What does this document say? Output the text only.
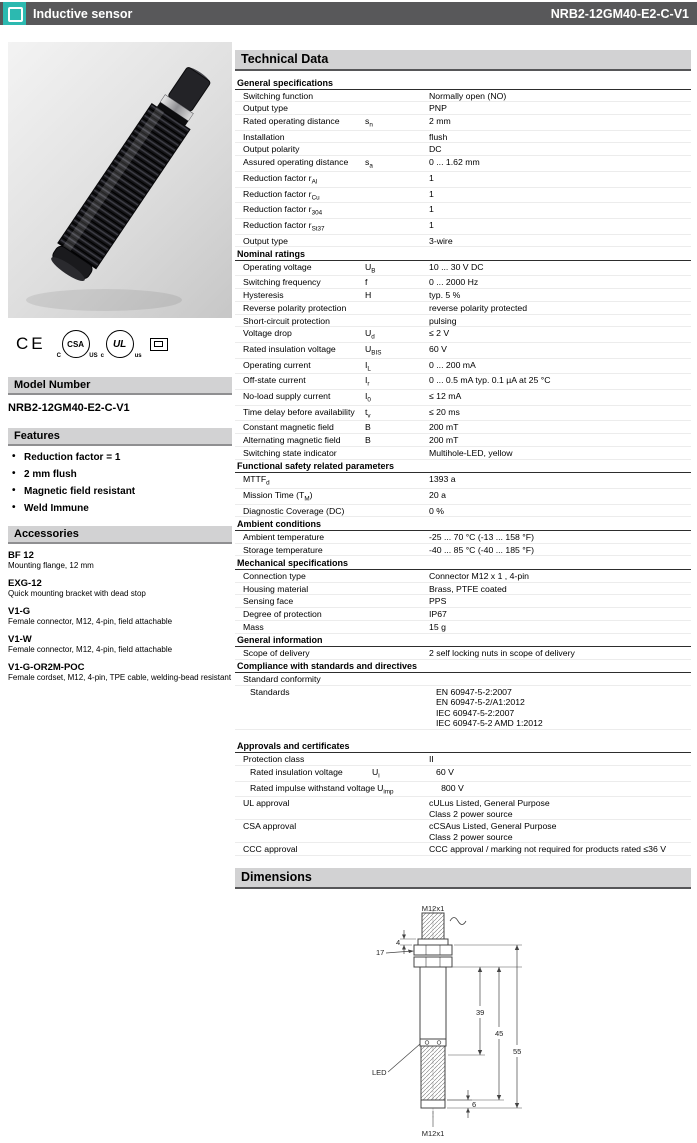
Inductive sensor	NRB2-12GM40-E2-C-V1
CE	CSA
C	US
UL
c	us
Model Number
NRB2-12GM40-E2-C-V1
Features
• Reduction factor = 1
• 2 mm flush
• Magnetic field resistant
• Weld Immune
Accessories
BF 12
Mounting flange, 12 mm
EXG-12
Quick mounting bracket with dead stop
V1-G
Female connector, M12, 4-pin, field attachable
V1-W
Female connector, M12, 4-pin, field attachable
V1-G-OR2M-POC
Female cordset, M12, 4-pin, TPE cable, welding-bead resistant
Technical Data
General specifications
Switching function	Normally open (NO)
Output type	PNP
Rated operating distance	$s_n$	2 mm
Installation	flush
Output polarity	DC
Assured operating distance	$s_a$	0 ... 1.62 mm
Reduction factor $r_{Al}$	1
Reduction factor $r_{Cu}$	1
Reduction factor $r_{304}$	1
Reduction factor $r_{St37}$	1
Output type	3-wire
Nominal ratings
Operating voltage	$U_B$	10 ... 30 V DC
Switching frequency	f	0 ... 2000 Hz
Hysteresis	H	typ. 5 %
Reverse polarity protection	reverse polarity protected
Short-circuit protection	pulsing
Voltage drop	$U_d$	≤ 2 V
Rated insulation voltage	$U_{BIS}$	60 V
Operating current	$I_L$	0 ... 200 mA
Off-state current	$I_r$	0 ... 0.5 mA typ. 0.1 µA at 25 °C
No-load supply current	$I_0$	≤ 12 mA
Time delay before availability	$t_v$	≤ 20 ms
Constant magnetic field	B	200 mT
Alternating magnetic field	B	200 mT
Switching state indicator	Multihole-LED, yellow
Functional safety related parameters
$MTTF_d$	1393 a
Mission Time $(T_M)$	20 a
Diagnostic Coverage (DC)	0 %
Ambient conditions
Ambient temperature	-25 ... 70 °C (-13 ... 158 °F)
Storage temperature	-40 ... 85 °C (-40 ... 185 °F)
Mechanical specifications
Connection type	Connector M12 x 1 , 4-pin
Housing material	Brass, PTFE coated
Sensing face	PPS
Degree of protection	IP67
Mass	15 g
General information
Scope of delivery	2 self locking nuts in scope of delivery
Compliance with standards and directives
Standard conformity
Standards	EN 60947-5-2:2007
EN 60947-5-2/A1:2012
IEC 60947-5-2:2007
IEC 60947-5-2 AMD 1:2012
Approvals and certificates
Protection class	II
Rated insulation voltage	$U_i$	60 V
Rated impulse withstand voltage $U_{imp}$	800 V
UL approval	cULus Listed, General Purpose
Class 2 power source
CSA approval	cCSAus Listed, General Purpose
Class 2 power source
CCC approval	CCC approval / marking not required for products rated ≤36 V
Dimensions
39
45
55
4
17
LED
6
M12x1
M12x1
